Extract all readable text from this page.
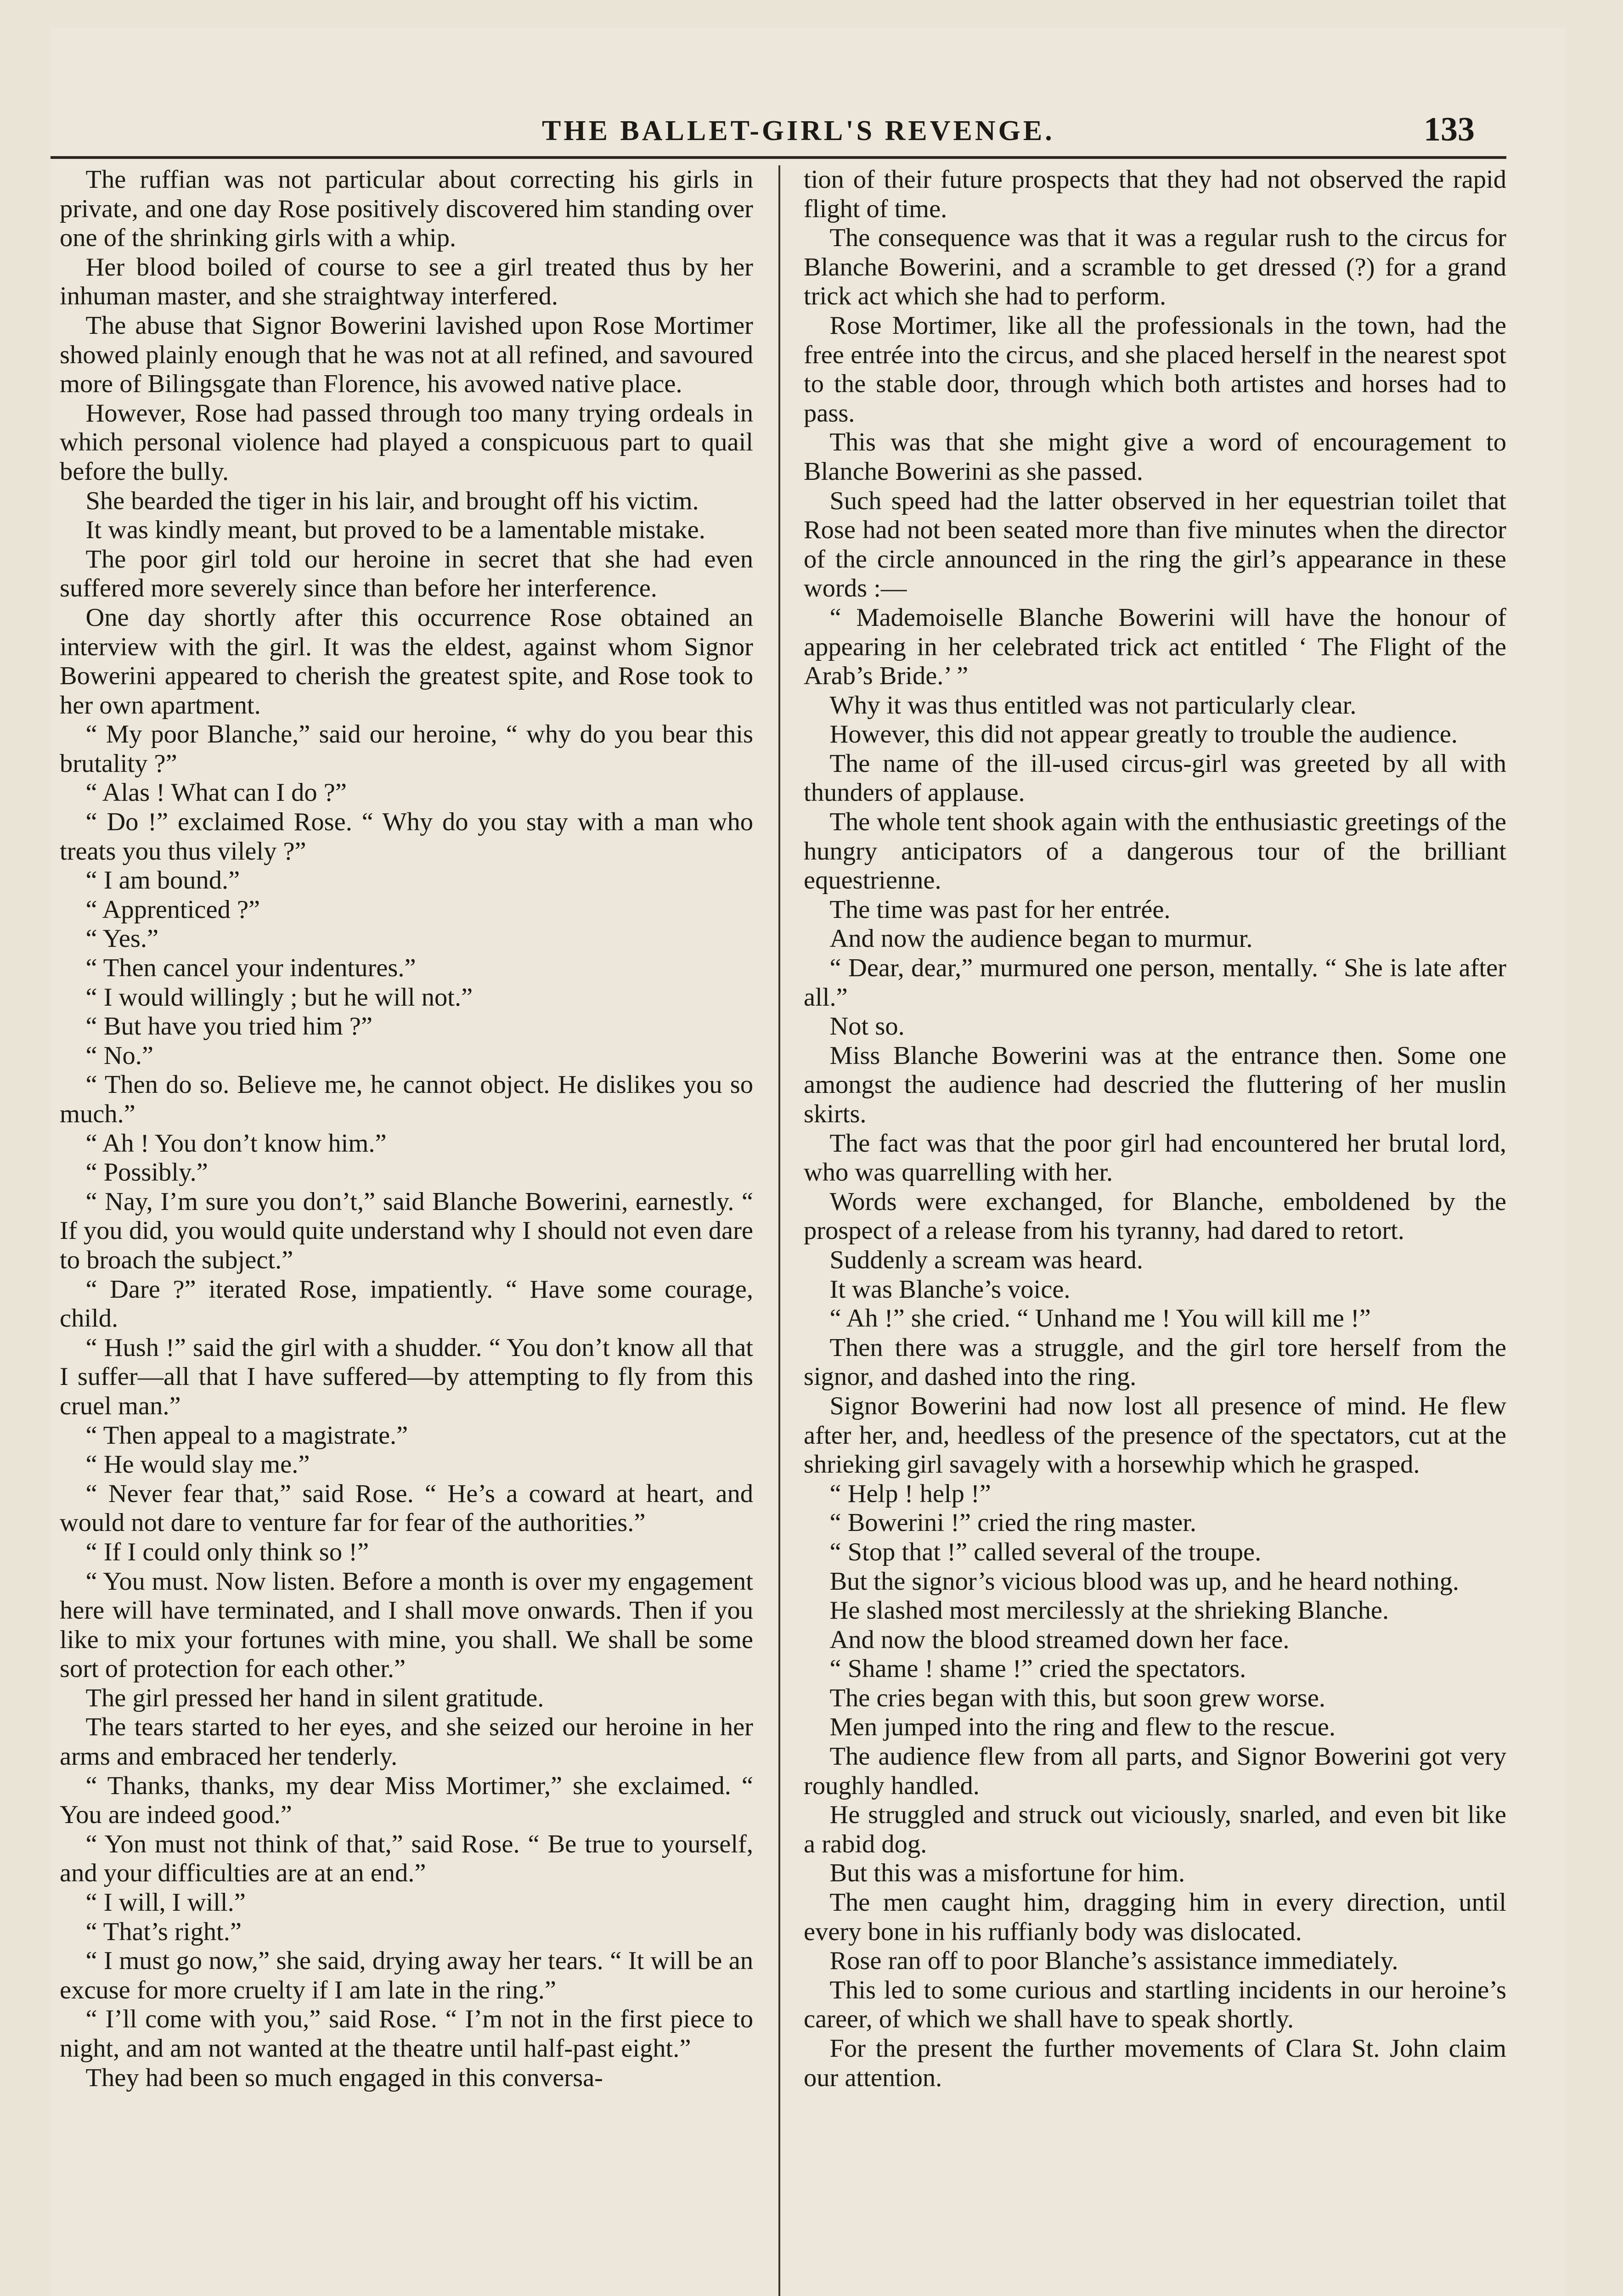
THE BALLET-GIRL'S REVENGE.	133

The ruffian was not particular about correcting his girls in private, and one day Rose positively discovered him standing over one of the shrinking girls with a whip.

Her blood boiled of course to see a girl treated thus by her inhuman master, and she straightway interfered.

The abuse that Signor Bowerini lavished upon Rose Mortimer showed plainly enough that he was not at all refined, and savoured more of Bilingsgate than Florence, his avowed native place.

However, Rose had passed through too many trying ordeals in which personal violence had played a conspicuous part to quail before the bully.

She bearded the tiger in his lair, and brought off his victim.

It was kindly meant, but proved to be a lamentable mistake.

The poor girl told our heroine in secret that she had even suffered more severely since than before her interference.

One day shortly after this occurrence Rose obtained an interview with the girl. It was the eldest, against whom Signor Bowerini appeared to cherish the greatest spite, and Rose took to her own apartment.

“ My poor Blanche,” said our heroine, “ why do you bear this brutality ?”

“ Alas ! What can I do ?”

“ Do !” exclaimed Rose. “ Why do you stay with a man who treats you thus vilely ?”

“ I am bound.”

“ Apprenticed ?”

“ Yes.”

“ Then cancel your indentures.”

“ I would willingly ; but he will not.”

“ But have you tried him ?”

“ No.”

“ Then do so. Believe me, he cannot object. He dislikes you so much.”

“ Ah ! You don’t know him.”

“ Possibly.”

“ Nay, I’m sure you don’t,” said Blanche Bowerini, earnestly. “ If you did, you would quite understand why I should not even dare to broach the subject.”

“ Dare ?” iterated Rose, impatiently. “ Have some courage, child.

“ Hush !” said the girl with a shudder. “ You don’t know all that I suffer—all that I have suffered—by attempting to fly from this cruel man.”

“ Then appeal to a magistrate.”

“ He would slay me.”

“ Never fear that,” said Rose. “ He’s a coward at heart, and would not dare to venture far for fear of the authorities.”

“ If I could only think so !”

“ You must. Now listen. Before a month is over my engagement here will have terminated, and I shall move onwards. Then if you like to mix your fortunes with mine, you shall. We shall be some sort of protection for each other.”

The girl pressed her hand in silent gratitude.

The tears started to her eyes, and she seized our heroine in her arms and embraced her tenderly.

“ Thanks, thanks, my dear Miss Mortimer,” she exclaimed. “ You are indeed good.”

“ Yon must not think of that,” said Rose. “ Be true to yourself, and your difficulties are at an end.”

“ I will, I will.”

“ That’s right.”

“ I must go now,” she said, drying away her tears. “ It will be an excuse for more cruelty if I am late in the ring.”

“ I’ll come with you,” said Rose. “ I’m not in the first piece to night, and am not wanted at the theatre until half-past eight.”

They had been so much engaged in this conversa-

tion of their future prospects that they had not observed the rapid flight of time.

The consequence was that it was a regular rush to the circus for Blanche Bowerini, and a scramble to get dressed (?) for a grand trick act which she had to perform.

Rose Mortimer, like all the professionals in the town, had the free entrée into the circus, and she placed herself in the nearest spot to the stable door, through which both artistes and horses had to pass.

This was that she might give a word of encouragement to Blanche Bowerini as she passed.

Such speed had the latter observed in her equestrian toilet that Rose had not been seated more than five minutes when the director of the circle announced in the ring the girl’s appearance in these words :—

“ Mademoiselle Blanche Bowerini will have the honour of appearing in her celebrated trick act entitled ‘ The Flight of the Arab’s Bride.’ ”

Why it was thus entitled was not particularly clear.

However, this did not appear greatly to trouble the audience.

The name of the ill-used circus-girl was greeted by all with thunders of applause.

The whole tent shook again with the enthusiastic greetings of the hungry anticipators of a dangerous tour of the brilliant equestrienne.

The time was past for her entrée.

And now the audience began to murmur.

“ Dear, dear,” murmured one person, mentally. “ She is late after all.”

Not so.

Miss Blanche Bowerini was at the entrance then. Some one amongst the audience had descried the fluttering of her muslin skirts.

The fact was that the poor girl had encountered her brutal lord, who was quarrelling with her.

Words were exchanged, for Blanche, emboldened by the prospect of a release from his tyranny, had dared to retort.

Suddenly a scream was heard.

It was Blanche’s voice.

“ Ah !” she cried. “ Unhand me ! You will kill me !”

Then there was a struggle, and the girl tore herself from the signor, and dashed into the ring.

Signor Bowerini had now lost all presence of mind. He flew after her, and, heedless of the presence of the spectators, cut at the shrieking girl savagely with a horsewhip which he grasped.

“ Help ! help !”

“ Bowerini !” cried the ring master.

“ Stop that !” called several of the troupe.

But the signor’s vicious blood was up, and he heard nothing.

He slashed most mercilessly at the shrieking Blanche.

And now the blood streamed down her face.

“ Shame ! shame !” cried the spectators.

The cries began with this, but soon grew worse.

Men jumped into the ring and flew to the rescue.

The audience flew from all parts, and Signor Bowerini got very roughly handled.

He struggled and struck out viciously, snarled, and even bit like a rabid dog.

But this was a misfortune for him.

The men caught him, dragging him in every direction, until every bone in his ruffianly body was dislocated.

Rose ran off to poor Blanche’s assistance immediately.

This led to some curious and startling incidents in our heroine’s career, of which we shall have to speak shortly.

For the present the further movements of Clara St. John claim our attention.
